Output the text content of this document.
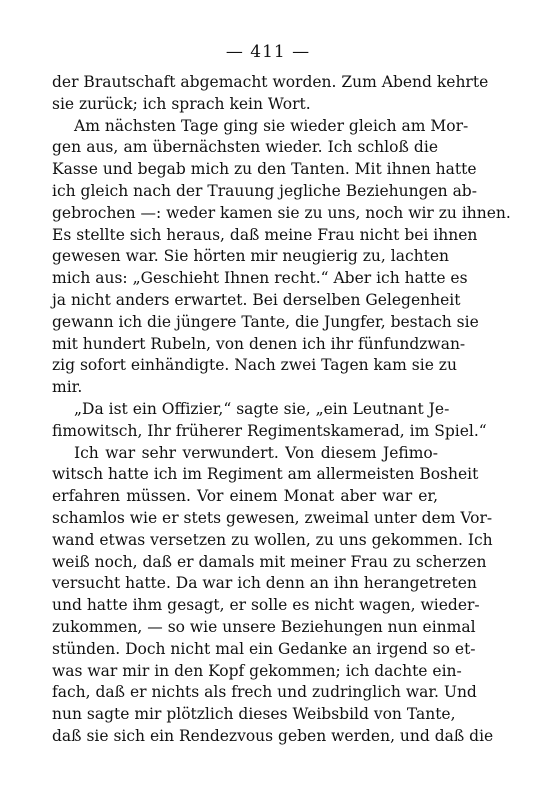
— 411 —
der Brautschaft abgemacht worden. Zum Abend kehrte
sie zurück; ich sprach kein Wort.
Am nächsten Tage ging sie wieder gleich am Mor-
gen aus, am übernächsten wieder. Ich schloß die
Kasse und begab mich zu den Tanten. Mit ihnen hatte
ich gleich nach der Trauung jegliche Beziehungen ab-
gebrochen —: weder kamen sie zu uns, noch wir zu ihnen.
Es stellte sich heraus, daß meine Frau nicht bei ihnen
gewesen war. Sie hörten mir neugierig zu, lachten
mich aus: „Geschieht Ihnen recht.“ Aber ich hatte es
ja nicht anders erwartet. Bei derselben Gelegenheit
gewann ich die jüngere Tante, die Jungfer, bestach sie
mit hundert Rubeln, von denen ich ihr fünfundzwan-
zig sofort einhändigte. Nach zwei Tagen kam sie zu
mir.
„Da ist ein Offizier,“ sagte sie, „ein Leutnant Je-
fimowitsch, Ihr früherer Regimentskamerad, im Spiel.“
Ich war sehr verwundert. Von diesem Jefimo-
witsch hatte ich im Regiment am allermeisten Bosheit
erfahren müssen. Vor einem Monat aber war er,
schamlos wie er stets gewesen, zweimal unter dem Vor-
wand etwas versetzen zu wollen, zu uns gekommen. Ich
weiß noch, daß er damals mit meiner Frau zu scherzen
versucht hatte. Da war ich denn an ihn herangetreten
und hatte ihm gesagt, er solle es nicht wagen, wieder-
zukommen, — so wie unsere Beziehungen nun einmal
stünden. Doch nicht mal ein Gedanke an irgend so et-
was war mir in den Kopf gekommen; ich dachte ein-
fach, daß er nichts als frech und zudringlich war. Und
nun sagte mir plötzlich dieses Weibsbild von Tante,
daß sie sich ein Rendezvous geben werden, und daß die
